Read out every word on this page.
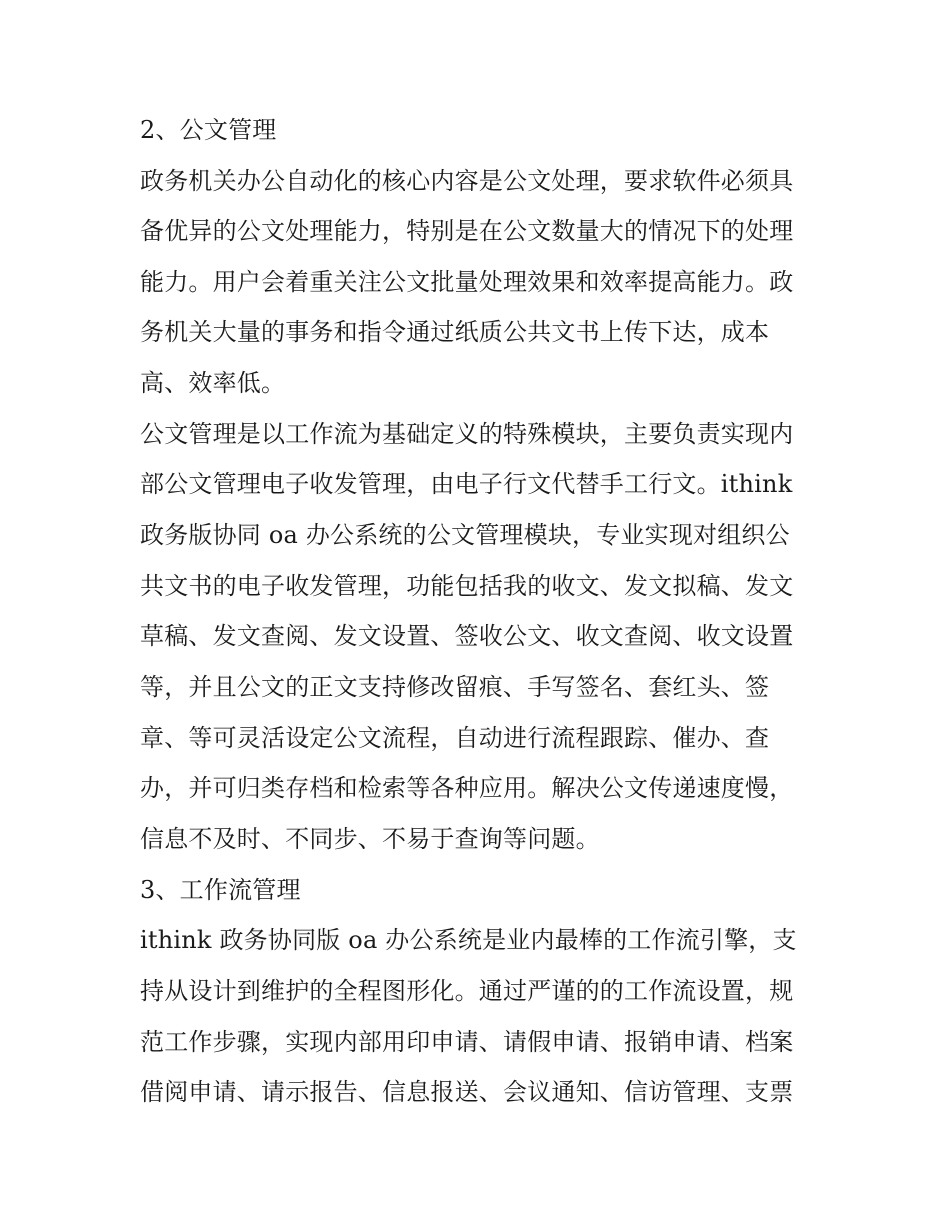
2、公文管理
政务机关办公自动化的核心内容是公文处理，要求软件必须具
备优异的公文处理能力，特别是在公文数量大的情况下的处理
能力。用户会着重关注公文批量处理效果和效率提高能力。政
务机关大量的事务和指令通过纸质公共文书上传下达，成本
高、效率低。
公文管理是以工作流为基础定义的特殊模块，主要负责实现内
部公文管理电子收发管理，由电子行文代替手工行文。ithink
政务版协同 oa 办公系统的公文管理模块，专业实现对组织公
共文书的电子收发管理，功能包括我的收文、发文拟稿、发文
草稿、发文查阅、发文设置、签收公文、收文查阅、收文设置
等，并且公文的正文支持修改留痕、手写签名、套红头、签
章、等可灵活设定公文流程，自动进行流程跟踪、催办、查
办，并可归类存档和检索等各种应用。解决公文传递速度慢，
信息不及时、不同步、不易于查询等问题。
3、工作流管理
ithink 政务协同版 oa 办公系统是业内最棒的工作流引擎，支
持从设计到维护的全程图形化。通过严谨的的工作流设置，规
范工作步骤，实现内部用印申请、请假申请、报销申请、档案
借阅申请、请示报告、信息报送、会议通知、信访管理、支票
